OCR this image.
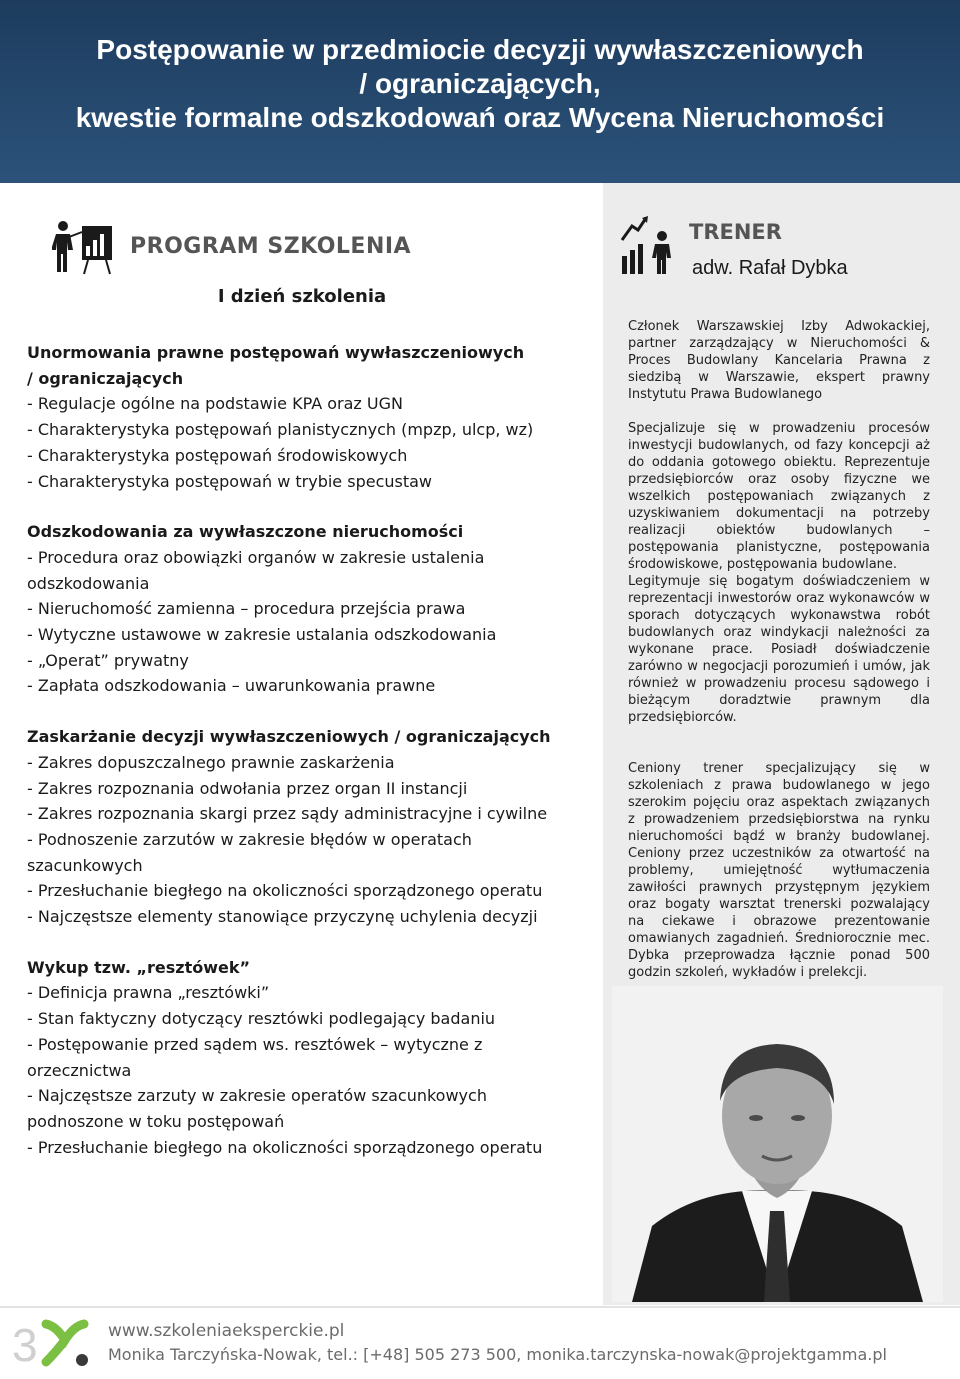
Postępowanie w przedmiocie decyzji wywłaszczeniowych
/ ograniczających,
kwestie formalne odszkodowań oraz Wycena Nieruchomości
PROGRAM SZKOLENIA
I dzień szkolenia
Unormowania prawne postępowań wywłaszczeniowych
/ ograniczających
- Regulacje ogólne na podstawie KPA oraz UGN
- Charakterystyka postępowań planistycznych (mpzp, ulcp, wz)
- Charakterystyka postępowań środowiskowych
- Charakterystyka postępowań w trybie specustaw
Odszkodowania za wywłaszczone nieruchomości
- Procedura oraz obowiązki organów w zakresie ustalenia odszkodowania
- Nieruchomość zamienna – procedura przejścia prawa
- Wytyczne ustawowe w zakresie ustalania odszkodowania
- „Operat” prywatny
- Zapłata odszkodowania – uwarunkowania prawne
Zaskarżanie decyzji wywłaszczeniowych / ograniczających
- Zakres dopuszczalnego prawnie zaskarżenia
- Zakres rozpoznania odwołania przez organ II instancji
- Zakres rozpoznania skargi przez sądy administracyjne i cywilne
- Podnoszenie zarzutów w zakresie błędów w operatach szacunkowych
- Przesłuchanie biegłego na okoliczności sporządzonego operatu
- Najczęstsze elementy stanowiące przyczynę uchylenia decyzji
Wykup tzw. „resztówek”
- Definicja prawna „resztówki”
- Stan faktyczny dotyczący resztówki podlegający badaniu
- Postępowanie przed sądem ws. resztówek – wytyczne z orzecznictwa
- Najczęstsze zarzuty w zakresie operatów szacunkowych podnoszone w toku postępowań
- Przesłuchanie biegłego na okoliczności sporządzonego operatu
TRENER
adw. Rafał Dybka

Członek Warszawskiej Izby Adwokackiej, partner zarządzający w Nieruchomości & Proces Budowlany Kancelaria Prawna z siedzibą w Warszawie, ekspert prawny Instytutu Prawa Budowlanego

Specjalizuje się w prowadzeniu procesów inwestycji budowlanych, od fazy koncepcji aż do oddania gotowego obiektu. Reprezentuje przedsiębiorców oraz osoby fizyczne we wszelkich postępowaniach związanych z uzyskiwaniem dokumentacji na potrzeby realizacji obiektów budowlanych – postępowania planistyczne, postępowania środowiskowe, postępowania budowlane.

Legitymuje się bogatym doświadczeniem w reprezentacji inwestorów oraz wykonawców w sporach dotyczących wykonawstwa robót budowlanych oraz windykacji należności za wykonane prace. Posiadł doświadczenie zarówno w negocjacji porozumień i umów, jak również w prowadzeniu procesu sądowego i bieżącym doradztwie prawnym dla przedsiębiorców.

Ceniony trener specjalizujący się w szkoleniach z prawa budowlanego w jego szerokim pojęciu oraz aspektach związanych z prowadzeniem przedsiębiorstwa na rynku nieruchomości bądź w branży budowlanej. Ceniony przez uczestników za otwartość na problemy, umiejętność wytłumaczenia zawiłości prawnych przystępnym językiem oraz bogaty warsztat trenerski pozwalający na ciekawe i obrazowe prezentowanie omawianych zagadnień. Średniorocznie mec. Dybka przeprowadza łącznie ponad 500 godzin szkoleń, wykładów i prelekcji.

3	www.szkoleniaeksperckie.pl
Monika Tarczyńska-Nowak, tel.: [+48] 505 273 500, monika.tarczynska-nowak@projektgamma.pl
